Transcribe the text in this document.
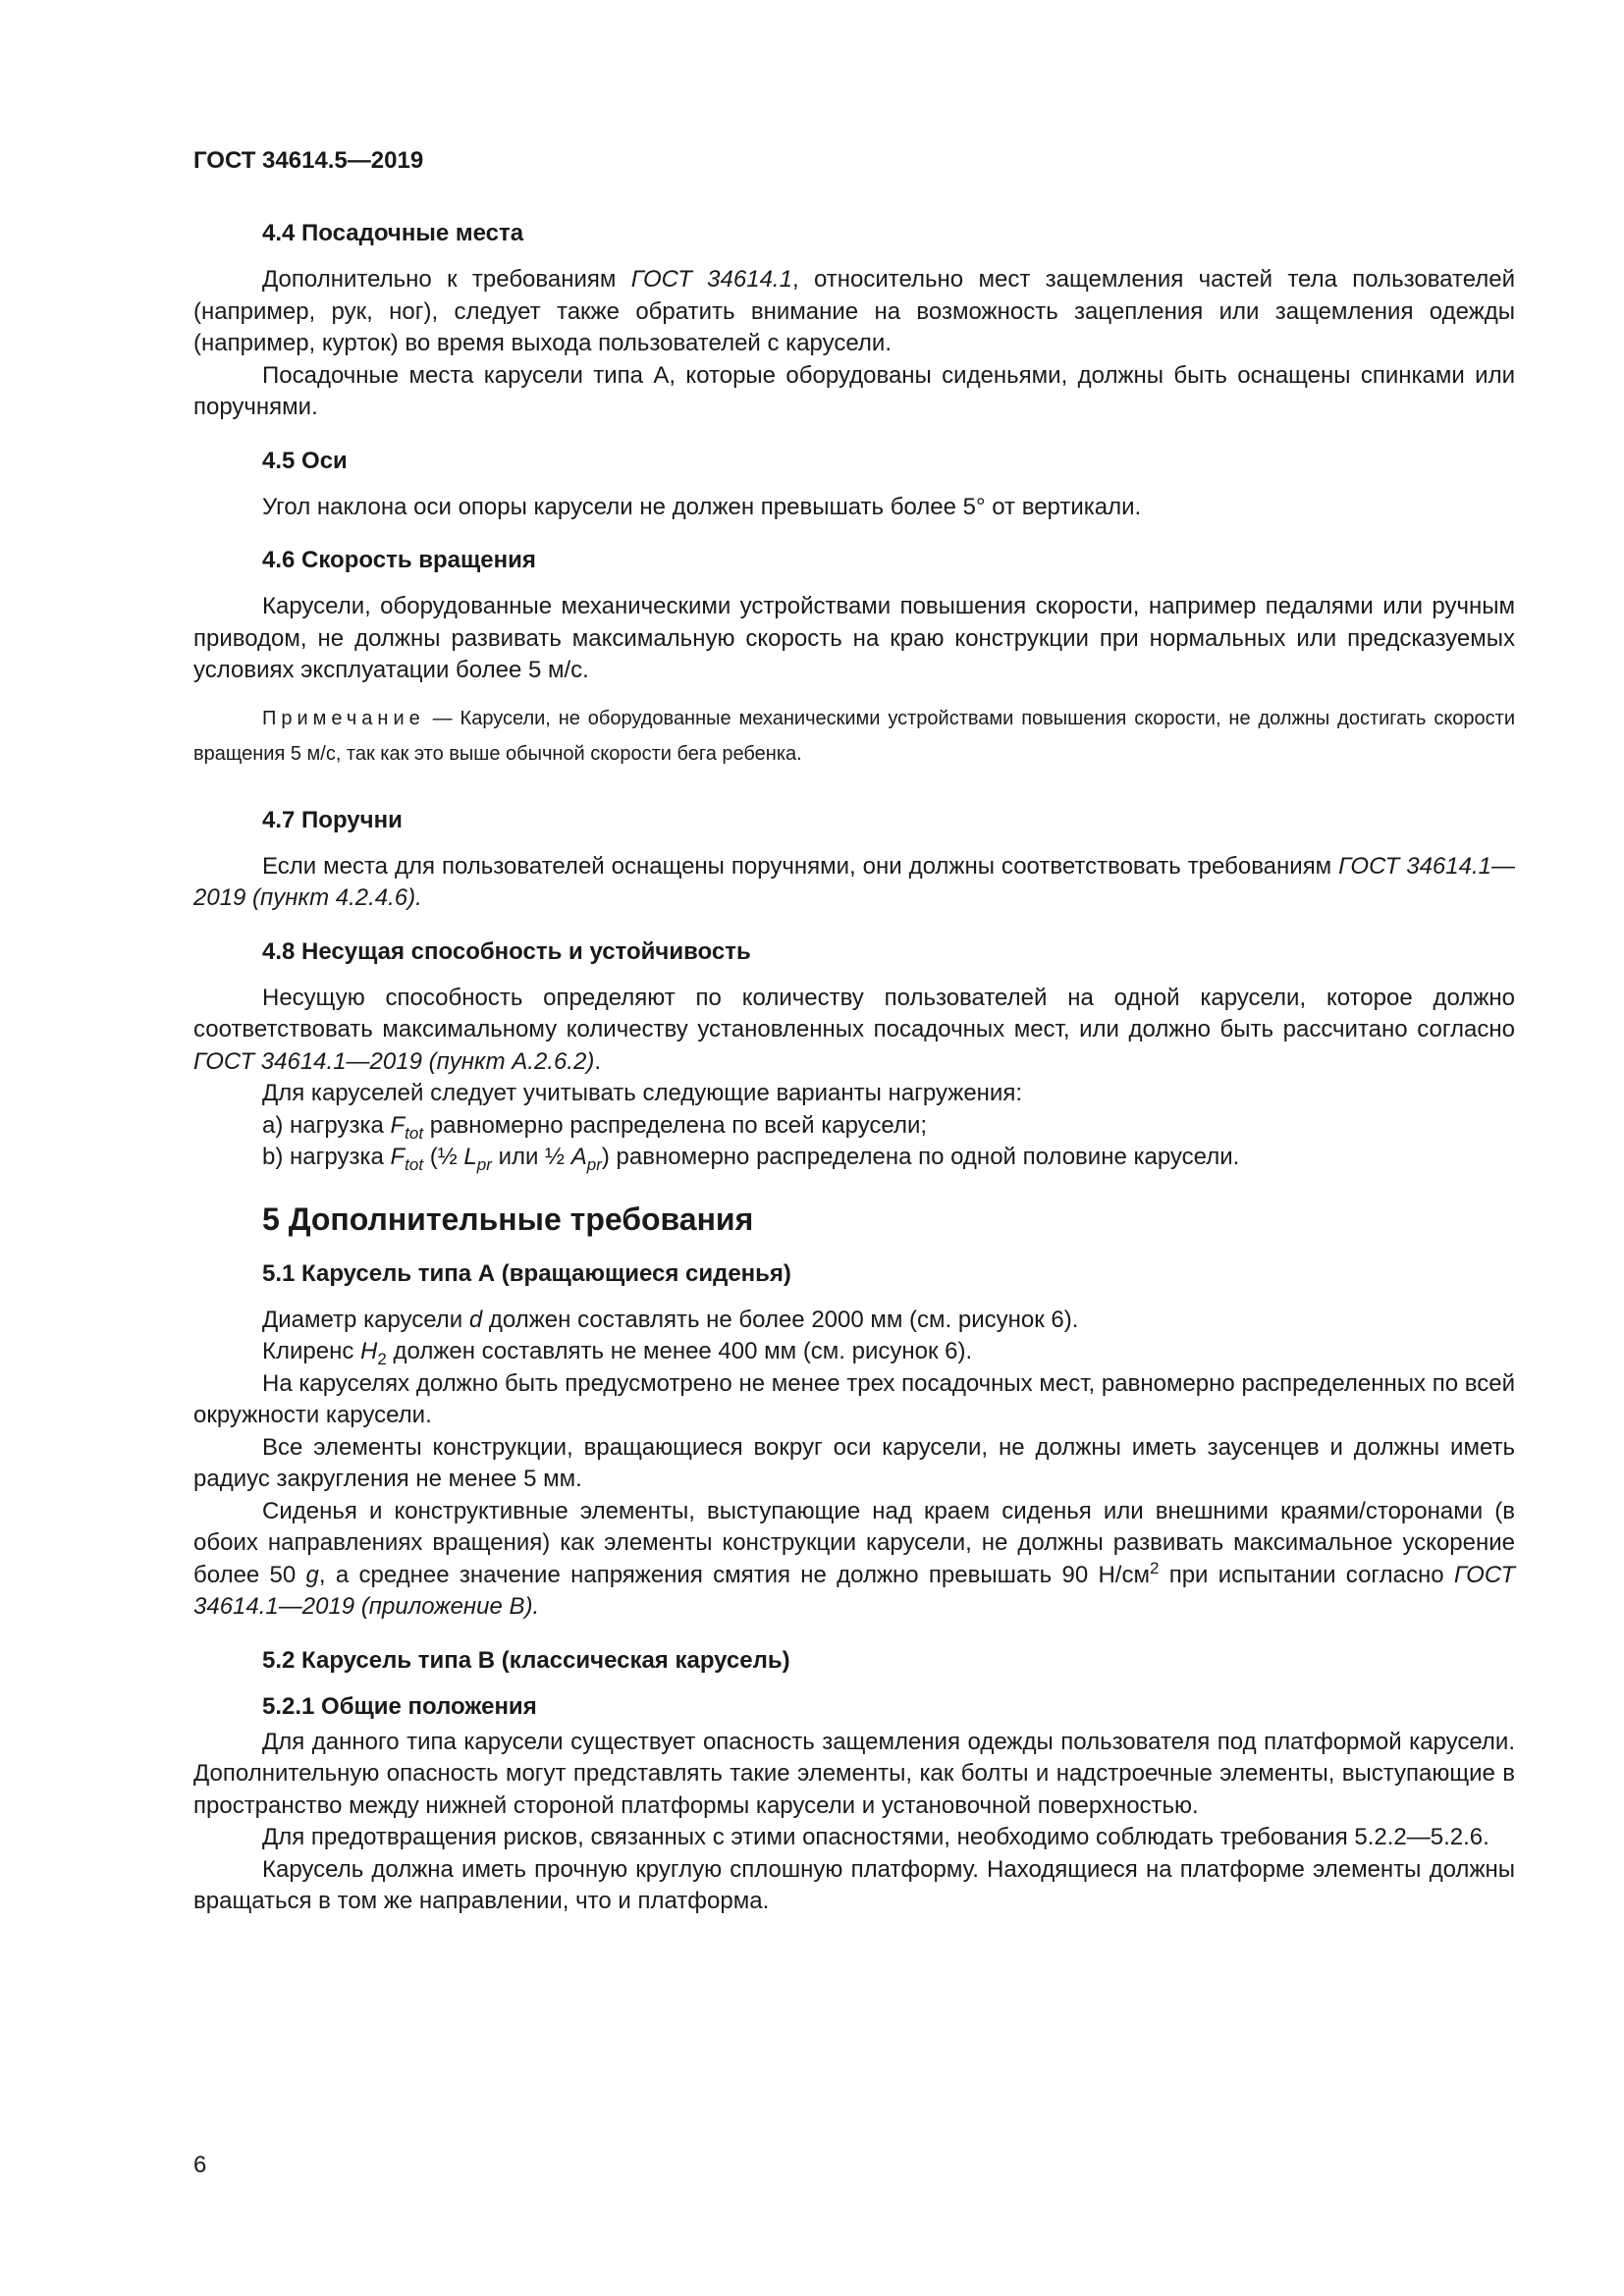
ГОСТ 34614.5—2019
4.4 Посадочные места

Дополнительно к требованиям ГОСТ 34614.1, относительно мест защемления частей тела пользователей (например, рук, ног), следует также обратить внимание на возможность зацепления или защемления одежды (например, курток) во время выхода пользователей с карусели.

Посадочные места карусели типа А, которые оборудованы сиденьями, должны быть оснащены спинками или поручнями.

4.5 Оси

Угол наклона оси опоры карусели не должен превышать более 5° от вертикали.

4.6 Скорость вращения

Карусели, оборудованные механическими устройствами повышения скорости, например педалями или ручным приводом, не должны развивать максимальную скорость на краю конструкции при нормальных или предсказуемых условиях эксплуатации более 5 м/с.

Примечание — Карусели, не оборудованные механическими устройствами повышения скорости, не должны достигать скорости вращения 5 м/с, так как это выше обычной скорости бега ребенка.

4.7 Поручни

Если места для пользователей оснащены поручнями, они должны соответствовать требованиям ГОСТ 34614.1—2019 (пункт 4.2.4.6).

4.8 Несущая способность и устойчивость

Несущую способность определяют по количеству пользователей на одной карусели, которое должно соответствовать максимальному количеству установленных посадочных мест, или должно быть рассчитано согласно ГОСТ 34614.1—2019 (пункт А.2.6.2).

Для каруселей следует учитывать следующие варианты нагружения:

a) нагрузка $F_{tot}$ равномерно распределена по всей карусели;

b) нагрузка $F_{tot}$ (½ $L_{pr}$ или ½ $A_{pr}$) равномерно распределена по одной половине карусели.

5 Дополнительные требования
5.1 Карусель типа А (вращающиеся сиденья)

Диаметр карусели d должен составлять не более 2000 мм (см. рисунок 6).

Клиренс $H_2$ должен составлять не менее 400 мм (см. рисунок 6).

На каруселях должно быть предусмотрено не менее трех посадочных мест, равномерно распределенных по всей окружности карусели.

Все элементы конструкции, вращающиеся вокруг оси карусели, не должны иметь заусенцев и должны иметь радиус закругления не менее 5 мм.

Сиденья и конструктивные элементы, выступающие над краем сиденья или внешними краями/сторонами (в обоих направлениях вращения) как элементы конструкции карусели, не должны развивать максимальное ускорение более 50 g, а среднее значение напряжения смятия не должно превышать 90 $Н/см^2$ при испытании согласно ГОСТ 34614.1—2019 (приложение В).

5.2 Карусель типа В (классическая карусель)
5.2.1 Общие положения

Для данного типа карусели существует опасность защемления одежды пользователя под платформой карусели. Дополнительную опасность могут представлять такие элементы, как болты и надстроечные элементы, выступающие в пространство между нижней стороной платформы карусели и установочной поверхностью.

Для предотвращения рисков, связанных с этими опасностями, необходимо соблюдать требования 5.2.2—5.2.6.

Карусель должна иметь прочную круглую сплошную платформу. Находящиеся на платформе элементы должны вращаться в том же направлении, что и платформа.

6
